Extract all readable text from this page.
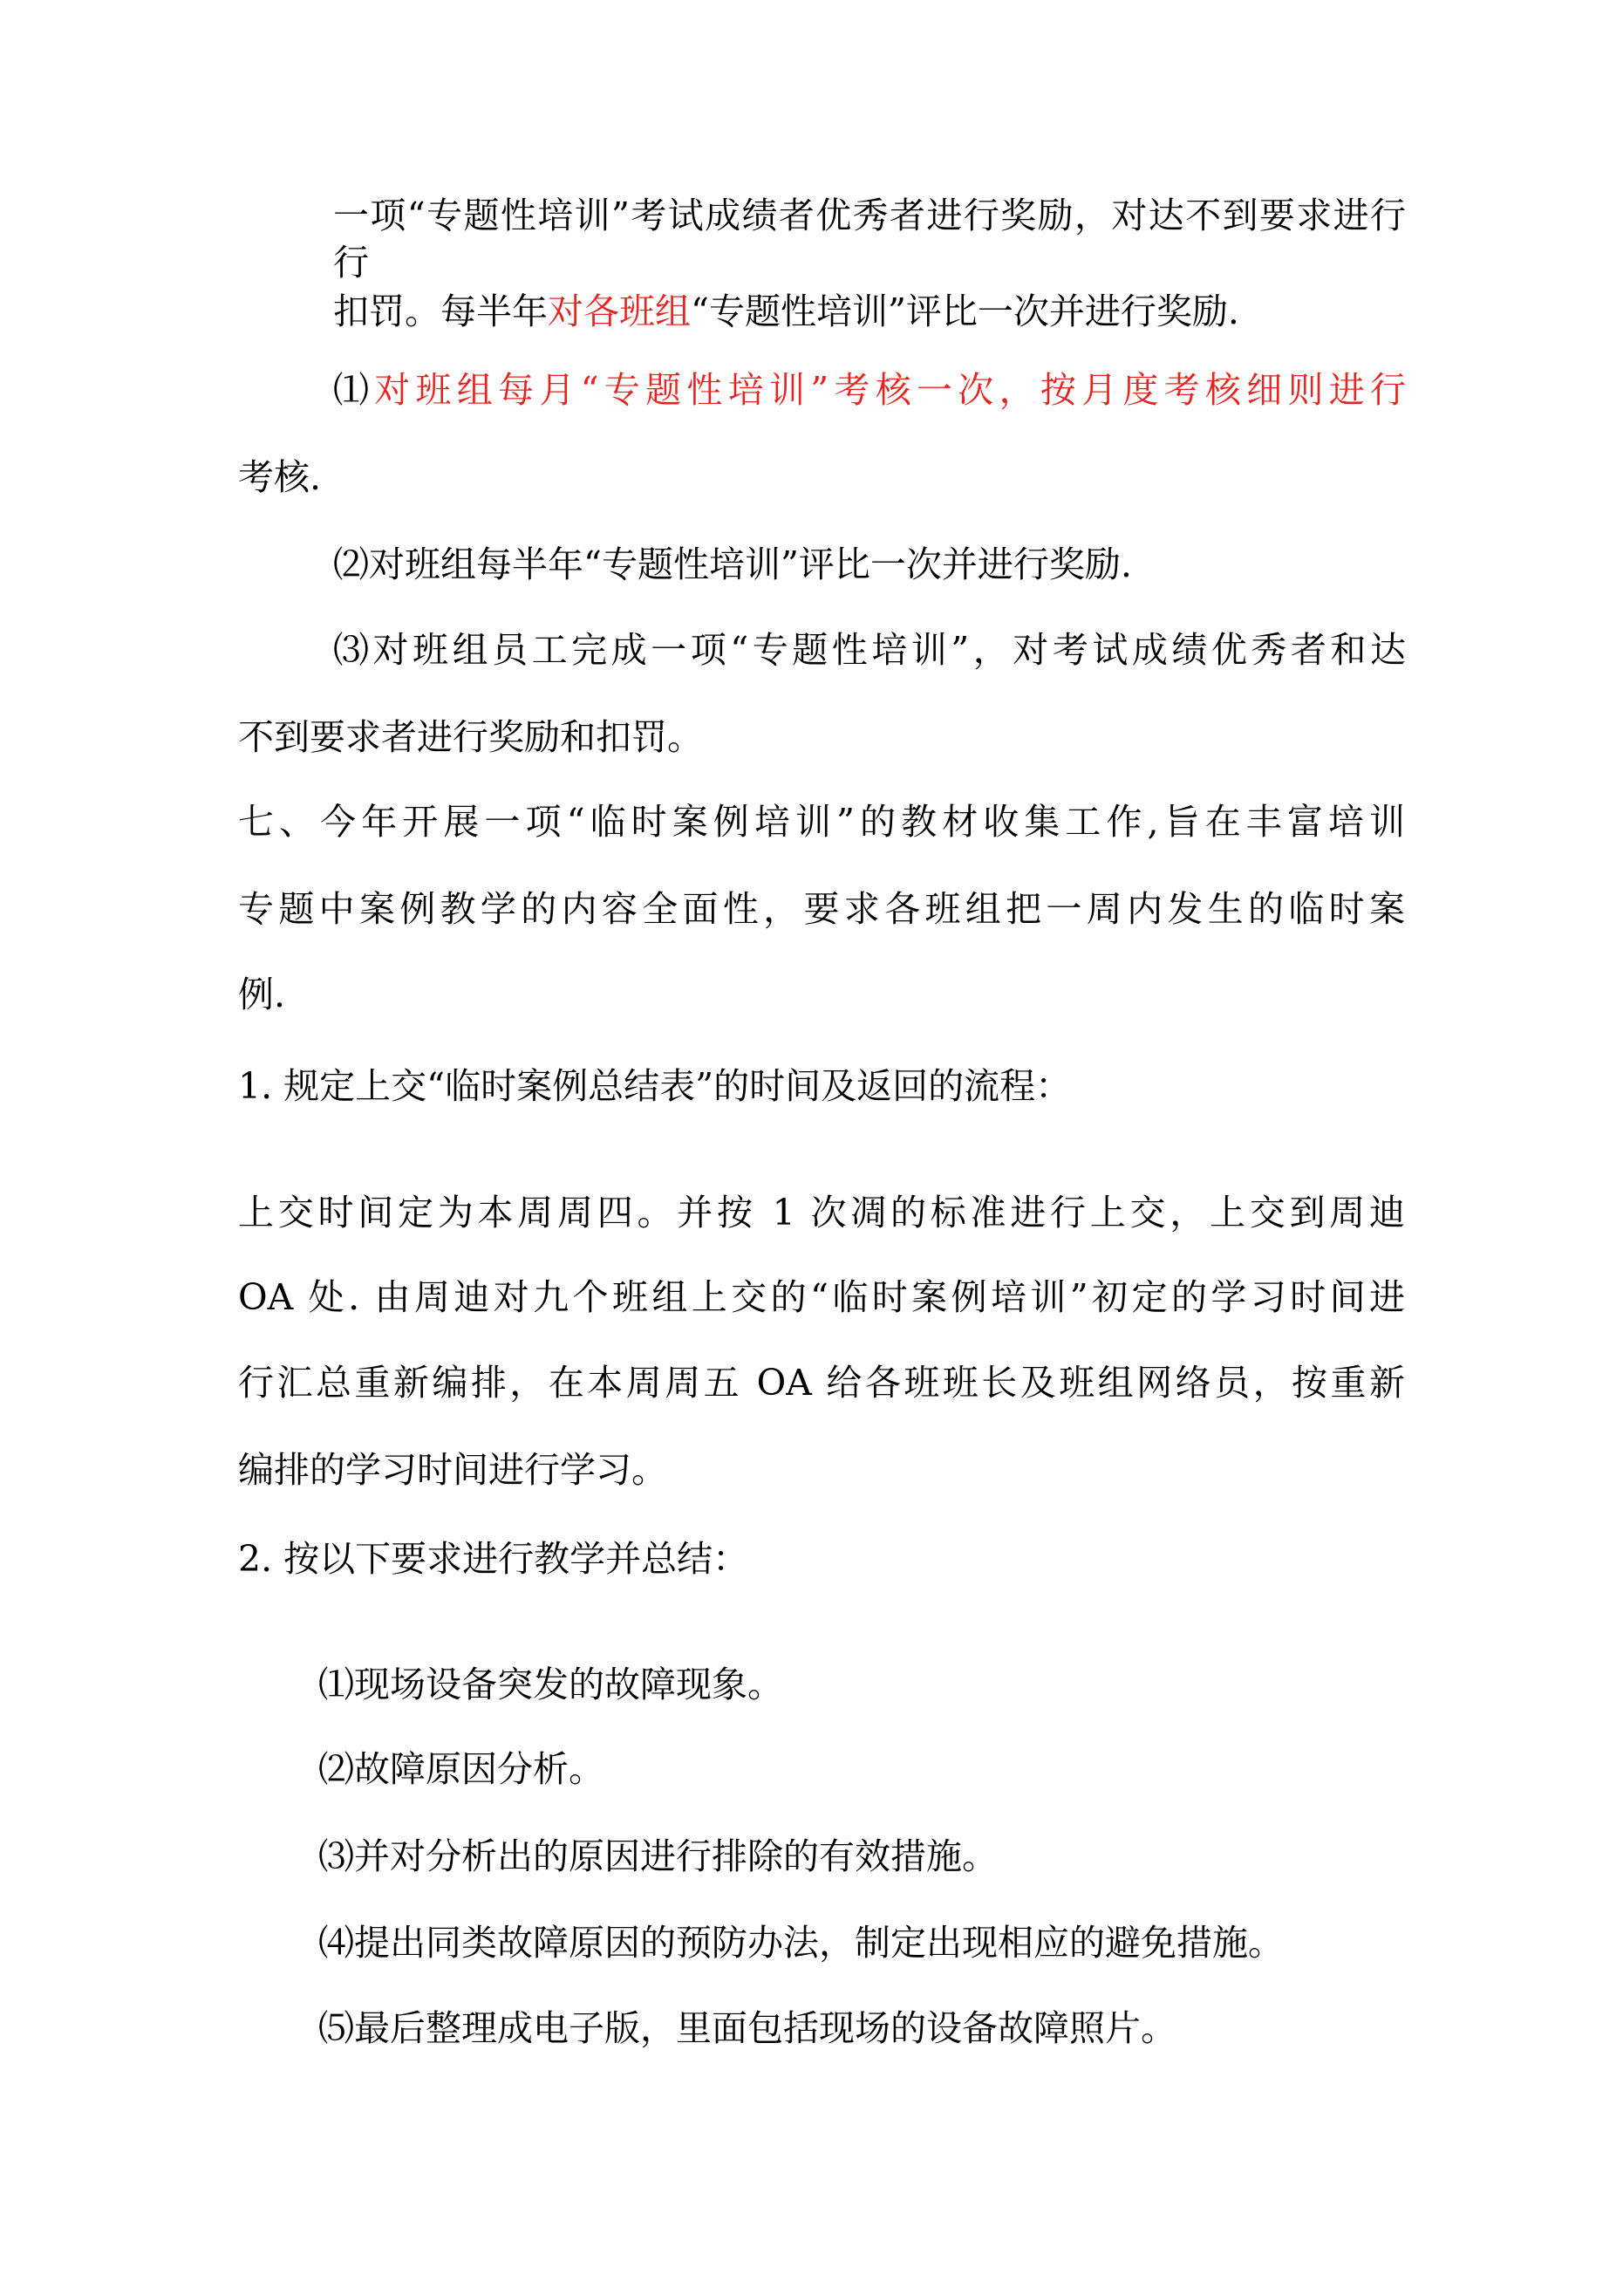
一项“专题性培训”考试成绩者优秀者进行奖励，对达不到要求进行

行

扣罚。每半年对各班组“专题性培训”评比一次并进行奖励.

⑴对班组每月“专题性培训”考核一次，按月度考核细则进行

考核.

⑵对班组每半年“专题性培训”评比一次并进行奖励.

⑶对班组员工完成一项“专题性培训”，对考试成绩优秀者和达

不到要求者进行奖励和扣罚。

七、今年开展一项“临时案例培训”的教材收集工作,旨在丰富培训

专题中案例教学的内容全面性，要求各班组把一周内发生的临时案

例.

1. 规定上交“临时案例总结表”的时间及返回的流程：

上交时间定为本周周四。并按 1 次凋的标准进行上交，上交到周迪

OA 处. 由周迪对九个班组上交的“临时案例培训”初定的学习时间进

行汇总重新编排，在本周周五 OA 给各班班长及班组网络员，按重新

编排的学习时间进行学习。

2. 按以下要求进行教学并总结：

⑴现场设备突发的故障现象。

⑵故障原因分析。

⑶并对分析出的原因进行排除的有效措施。

⑷提出同类故障原因的预防办法，制定出现相应的避免措施。

⑸最后整理成电子版，里面包括现场的设备故障照片。
